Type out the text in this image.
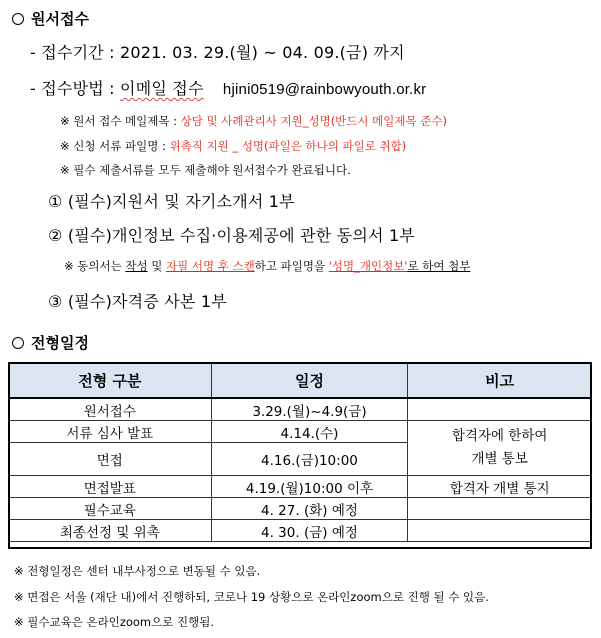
원서접수
- 접수기간 : 2021. 03. 29.(월) ~ 04. 09.(금) 까지
- 접수방법 : 이메일 접수 hjini0519@rainbowyouth.or.kr
※ 원서 접수 메일제목 : 상담 및 사례관리사 지원_성명(반드시 메일제목 준수)
※ 신청 서류 파일명 : 위촉직 지원 _ 성명(파일은 하나의 파일로 취합)
※ 필수 제출서류를 모두 제출해야 원서접수가 완료됩니다.
① (필수)지원서 및 자기소개서 1부
② (필수)개인정보 수집·이용제공에 관한 동의서 1부
※ 동의서는 작성 및 자필 서명 후 스캔하고 파일명을 '성명_개인정보'로 하여 첨부
③ (필수)자격증 사본 1부
전형일정
전형 구분	일정	비고
원서접수	3.29.(월)~4.9(금)	
서류 심사 발표	4.14.(수)	합격자에 한하여
개별 통보

면접	4.16.(금)10:00	
면접발표	4.19.(월)10:00 이후	합격자 개별 통지
필수교육	4. 27. (화) 예정	
최종선정 및 위촉	4. 30. (금) 예정	
※ 전형일정은 센터 내부사정으로 변동될 수 있음.
※ 면접은 서울 (재단 내)에서 진행하되, 코로나 19 상황으로 온라인zoom으로 진행 될 수 있음.
※ 필수교육은 온라인zoom으로 진행됨.
